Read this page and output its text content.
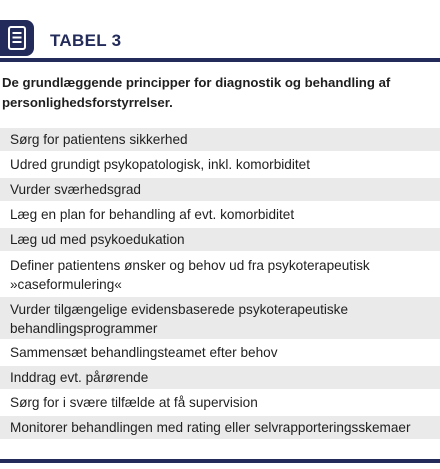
TABEL 3
De grundlæggende principper for diagnostik og behandling af personlighedsforstyrrelser.
Sørg for patientens sikkerhed
Udred grundigt psykopatologisk, inkl. komorbiditet
Vurder sværhedsgrad
Læg en plan for behandling af evt. komorbiditet
Læg ud med psykoedukation
Definer patientens ønsker og behov ud fra psykoterapeutisk »caseformulering«
Vurder tilgængelige evidensbaserede psykoterapeutiske behandlingsprogrammer
Sammensæt behandlingsteamet efter behov
Inddrag evt. pårørende
Sørg for i svære tilfælde at få supervision
Monitorer behandlingen med rating eller selvrapporteringsskemaer
